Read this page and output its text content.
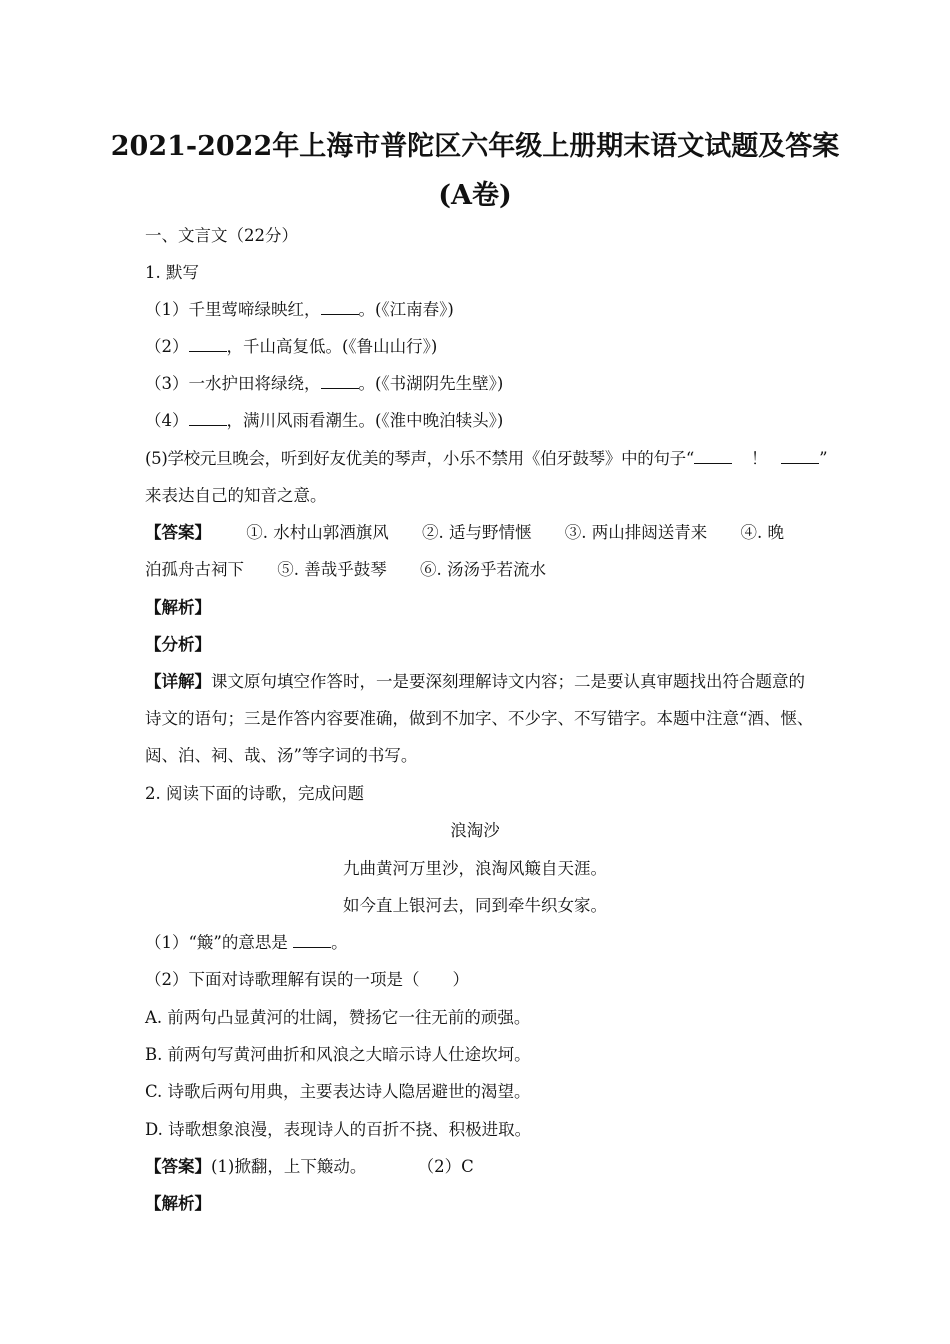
2021-2022年上海市普陀区六年级上册期末语文试题及答案
(A卷)
一、文言文（22分）
1. 默写
（1）千里莺啼绿映红， 。(《江南春》)
（2） ，千山高复低。(《鲁山山行》)
（3）一水护田将绿绕， 。(《书湖阴先生壁》)
（4） ，满川风雨看潮生。(《淮中晚泊犊头》)
(5)学校元旦晚会，听到好友优美的琴声，小乐不禁用《伯牙鼓琴》中的句子“	！	”
来表达自己的知音之意。
【答案】 ①. 水村山郭酒旗风 ②. 适与野情惬 ③. 两山排闼送青来 ④. 晚
泊孤舟古祠下 ⑤. 善哉乎鼓琴 ⑥. 汤汤乎若流水
【解析】
【分析】
【详解】课文原句填空作答时，一是要深刻理解诗文内容；二是要认真审题找出符合题意的
诗文的语句；三是作答内容要准确，做到不加字、不少字、不写错字。本题中注意“酒、惬、
闼、泊、祠、哉、汤”等字词的书写。
2. 阅读下面的诗歌，完成问题
浪淘沙
九曲黄河万里沙，浪淘风簸自天涯。
如今直上银河去，同到牵牛织女家。
（1）“簸”的意思是	。
（2）下面对诗歌理解有误的一项是（　　）
A. 前两句凸显黄河的壮阔，赞扬它一往无前的顽强。
B. 前两句写黄河曲折和风浪之大暗示诗人仕途坎坷。
C. 诗歌后两句用典，主要表达诗人隐居避世的渴望。
D. 诗歌想象浪漫，表现诗人的百折不挠、积极进取。
【答案】(1)掀翻，上下簸动。	（2）C
【解析】
